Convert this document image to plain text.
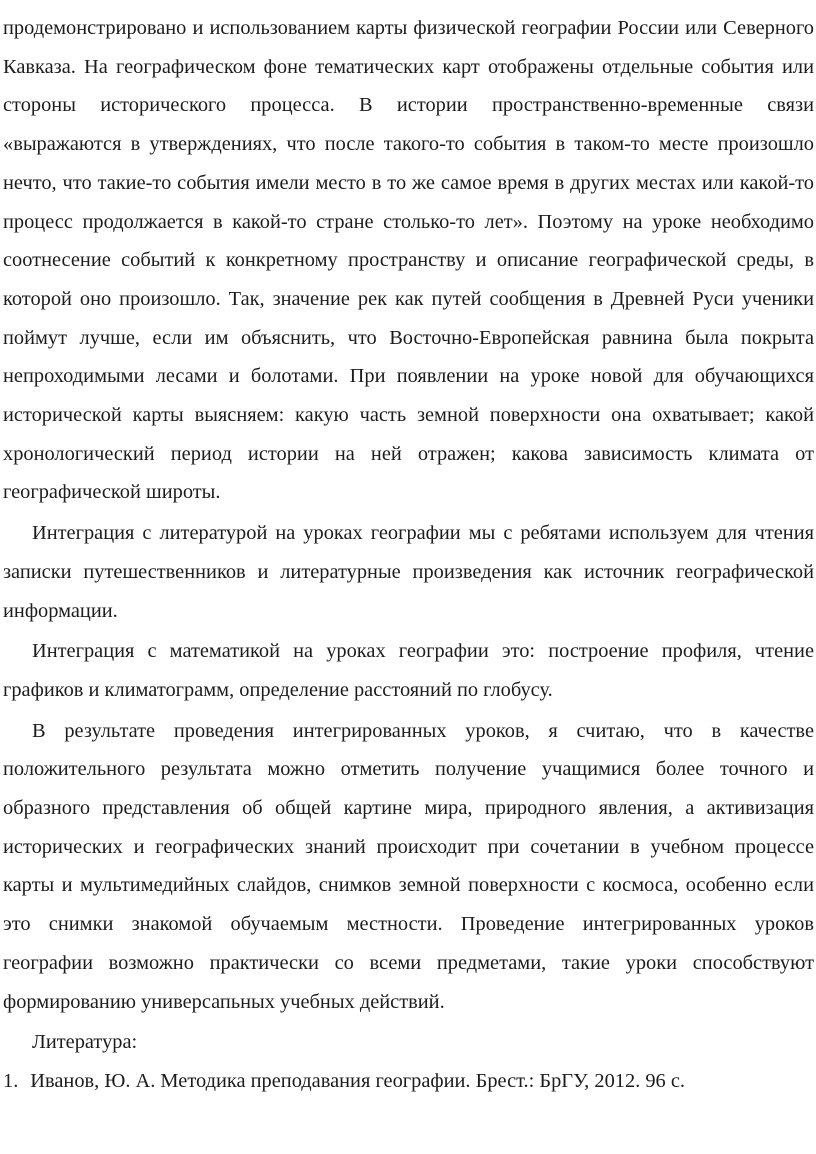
продемонстрировано и использованием карты физической географии России или Северного Кавказа. На географическом фоне тематических карт отображены отдельные события или стороны исторического процесса. В истории пространственно-временные связи «выражаются в утверждениях, что после такого-то события в таком-то месте произошло нечто, что такие-то события имели место в то же самое время в других местах или какой-то процесс продолжается в какой-то стране столько-то лет». Поэтому на уроке необходимо соотнесение событий к конкретному пространству и описание географической среды, в которой оно произошло. Так, значение рек как путей сообщения в Древней Руси ученики поймут лучше, если им объяснить, что Восточно-Европейская равнина была покрыта непроходимыми лесами и болотами. При появлении на уроке новой для обучающихся исторической карты выясняем: какую часть земной поверхности она охватывает; какой хронологический период истории на ней отражен; какова зависимость климата от географической широты.

Интеграция с литературой на уроках географии мы с ребятами используем для чтения записки путешественников и литературные произведения как источник географической информации.

Интеграция с математикой на уроках географии это: построение профиля, чтение графиков и климатограмм, определение расстояний по глобусу.

В результате проведения интегрированных уроков, я считаю, что в качестве положительного результата можно отметить получение учащимися более точного и образного представления об общей картине мира, природного явления, а активизация исторических и географических знаний происходит при сочетании в учебном процессе карты и мультимедийных слайдов, снимков земной поверхности с космоса, особенно если это снимки знакомой обучаемым местности. Проведение интегрированных уроков географии возможно практически со всеми предметами, такие уроки способствуют формированию универсапьных учебных действий.

Литература:

1. Иванов, Ю. А. Методика преподавания географии. Брест.: БрГУ, 2012. 96 с.
